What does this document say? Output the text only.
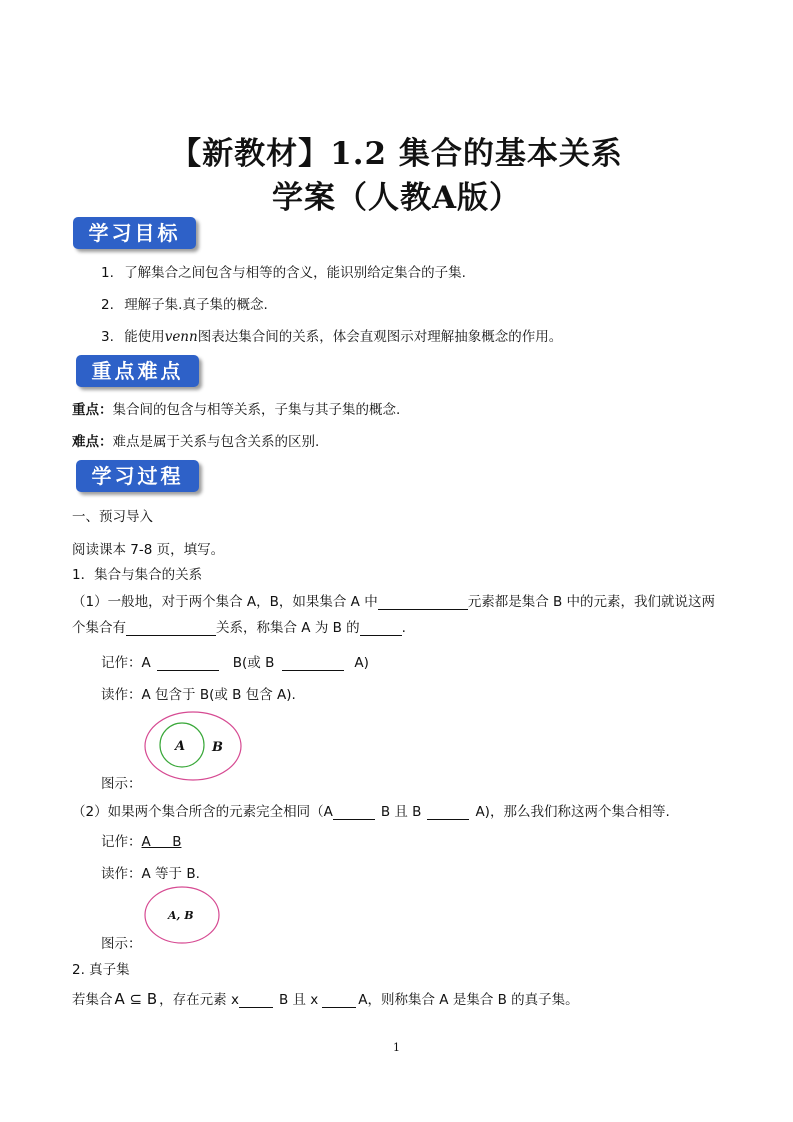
【新教材】1.2 集合的基本关系
学案（人教A版）
学习目标
1. 了解集合之间包含与相等的含义，能识别给定集合的子集.
2. 理解子集.真子集的概念.
3. 能使用venn图表达集合间的关系，体会直观图示对理解抽象概念的作用。
重点难点
重点：集合间的包含与相等关系，子集与其子集的概念.
难点：难点是属于关系与包含关系的区别.
学习过程
一、预习导入
阅读课本 7-8 页，填写。
1．集合与集合的关系
（1）一般地，对于两个集合 A，B，如果集合 A 中	元素都是集合 B 中的元素，我们就说这两
个集合有	关系，称集合 A 为 B 的	.
记作：A	B(或 B	A)
读作：A 包含于 B(或 B 包含 A).
A B
A, B
图示：
（2）如果两个集合所含的元素完全相同（A	B 且 B	A)，那么我们称这两个集合相等.
记作：A     B
读作：A 等于 B.
图示：
2. 真子集
若集合 A ⊆ B ，存在元素 x	B 且 x	A，则称集合 A 是集合 B 的真子集。
1
